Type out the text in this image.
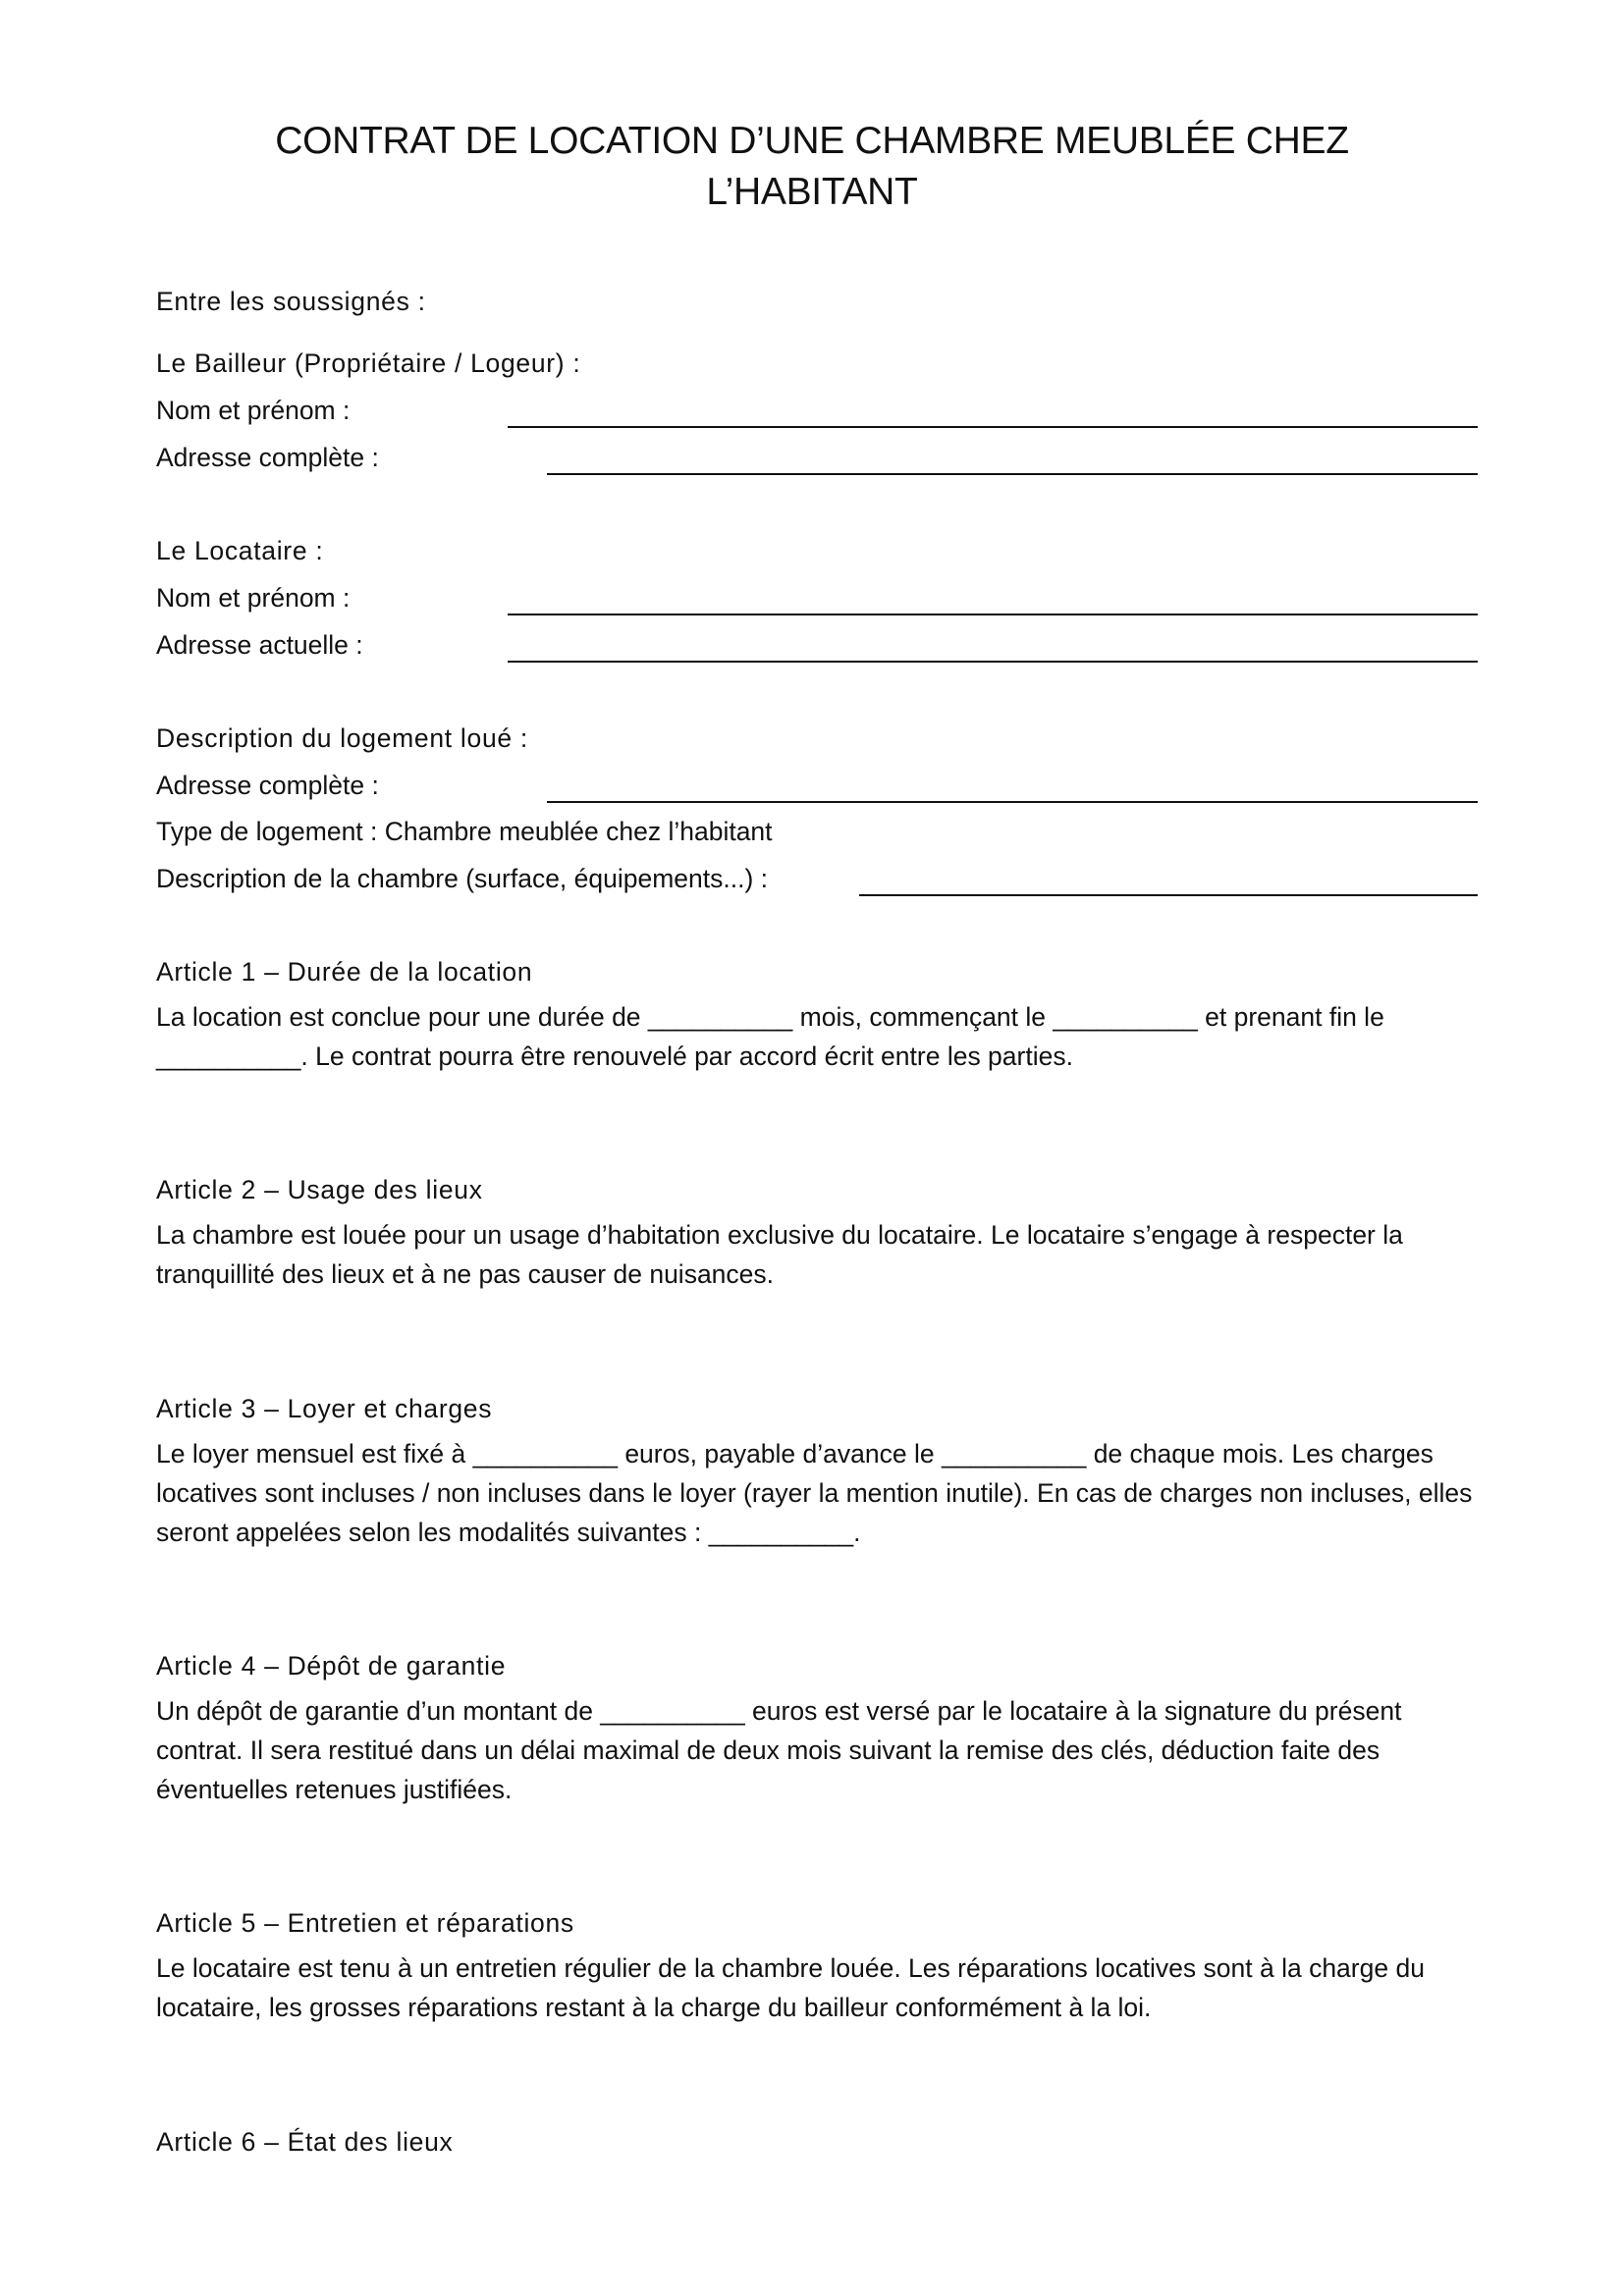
CONTRAT DE LOCATION D’UNE CHAMBRE MEUBLÉE CHEZ
L’HABITANT
Entre les soussignés :
Le Bailleur (Propriétaire / Logeur) :
Nom et prénom :
Adresse complète :
Le Locataire :
Nom et prénom :
Adresse actuelle :
Description du logement loué :
Adresse complète :
Type de logement : Chambre meublée chez l’habitant
Description de la chambre (surface, équipements...) :
Article 1 – Durée de la location
La location est conclue pour une durée de __________ mois, commençant le __________ et prenant fin le __________. Le contrat pourra être renouvelé par accord écrit entre les parties.
Article 2 – Usage des lieux
La chambre est louée pour un usage d’habitation exclusive du locataire. Le locataire s’engage à respecter la tranquillité des lieux et à ne pas causer de nuisances.
Article 3 – Loyer et charges
Le loyer mensuel est fixé à __________ euros, payable d’avance le __________ de chaque mois. Les charges locatives sont incluses / non incluses dans le loyer (rayer la mention inutile). En cas de charges non incluses, elles seront appelées selon les modalités suivantes : __________.
Article 4 – Dépôt de garantie
Un dépôt de garantie d’un montant de __________ euros est versé par le locataire à la signature du présent contrat. Il sera restitué dans un délai maximal de deux mois suivant la remise des clés, déduction faite des éventuelles retenues justifiées.
Article 5 – Entretien et réparations
Le locataire est tenu à un entretien régulier de la chambre louée. Les réparations locatives sont à la charge du locataire, les grosses réparations restant à la charge du bailleur conformément à la loi.
Article 6 – État des lieux
